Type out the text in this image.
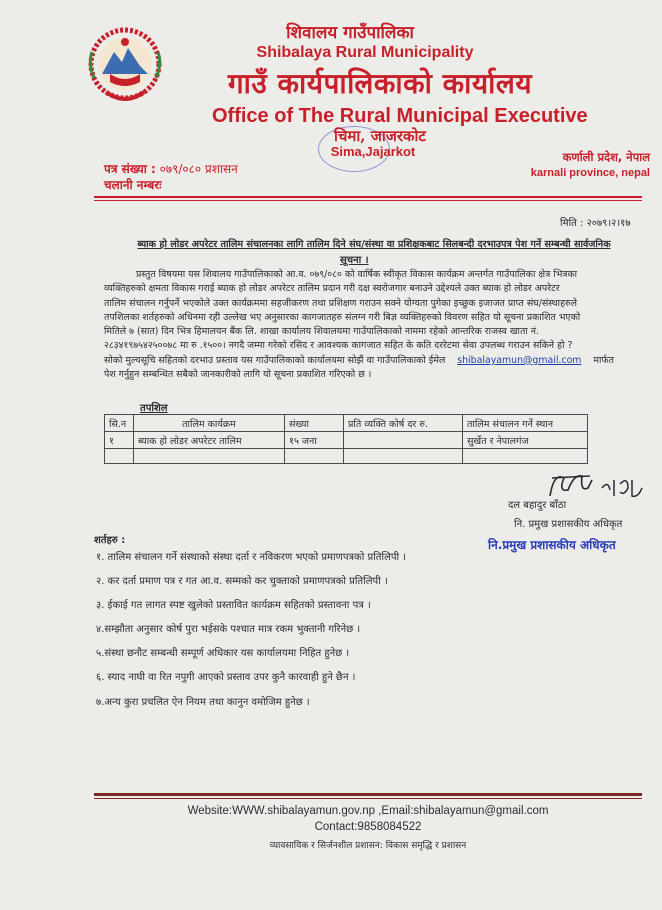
शिवालय गाउँपालिका
Shibalaya Rural Municipality
गाउँ कार्यपालिकाको कार्यालय
Office of The Rural Municipal Executive
चिमा, जाजरकोट
Sima,Jajarkot
पत्र संख्या : ०७९/०८० प्रशासन
चलानी नम्बरः
कर्णाली प्रदेश, नेपाल
karnali province, nepal
मिति : २०७९।२।१७
ब्याक हो लोडर अपरेटर तालिम संचालनका लागि तालिम दिने संघ/संस्था वा प्रशिक्षकबाट सिलबन्दी दरभाउपत्र पेश गर्ने सम्बन्धी सार्वजनिक
सूचना ।
प्रस्तुत विषयमा यस शिवालय गाउँपालिकाको आ.व. ०७९/०८० को वार्षिक स्वीकृत विकास कार्यक्रम अन्तर्गत गाउँपालिका क्षेत्र भित्रका
व्यक्तिहरुको क्षमता विकास गराई ब्याक हो लोडर अपरेटर तालिम प्रदान गरी दक्ष स्वरोजगार बनाउने उद्देश्यले उक्त ब्याक हो लोडर अपरेटर
तालिम संचालन गर्नुपर्ने भएकोले उक्त कार्यक्रममा सहजीकरण तथा प्रशिक्षण गराउन सक्ने योग्यता पुगेका इच्छुक इजाजत प्राप्त संघ/संस्थाहरुले
तपशिलका शर्तहरुको अधिनमा रही उल्लेख भए अनुसारका कागजातहरु संलग्न गरी बिज्ञ व्यक्तिहरुको विवरण सहित यो सूचना प्रकाशित भएको
मितिले ७ (सात) दिन भित्र हिमालयन बैंक लि. शाखा कार्यालय शिवालयमा गाउँपालिकाको नाममा रहेको आन्तरिक राजस्व खाता नं.
२८३४१९७५४२५००७८ मा रु .१५००। नगदै जम्मा गरेको रसिद र आवश्यक कागजात सहित के कति दररेटमा सेवा उपलब्ध गराउन सकिने हो ?
सोको मुल्यसूचि सहितको दरभाउ प्रस्ताव यस गाउँपालिकाको कार्यालयमा सोझैं वा गाउँपालिकाको ईमेल shibalayamun@gmail.com मार्फत
पेश गर्नुहुन सम्बन्धित सबैको जानकारीको लागि यो सूचना प्रकाशित गरिएको छ ।
तपशिल
सि.न	तालिम कार्यक्रम	संख्या	प्रति व्यक्ति कोर्ष दर रु.	तालिम संचालन गर्ने स्थान
१	ब्याक हो लोडर अपरेटर तालिम	१५ जना		सुर्खेत र नेपालगंज

दल बहादुर बाँठा
नि. प्रमुख प्रशासकीय अधिकृत
नि.प्रमुख प्रशासकीय अधिकृत
शर्तहरु :
१. तालिम संचालन गर्ने संस्थाको संस्था दर्ता र नविकरण भएको प्रमाणपत्रको प्रतिलिपी ।
२. कर दर्ता प्रमाण पत्र र गत आ.व. सम्मको कर चुक्ताको प्रमाणपत्रको प्रतिलिपी ।
३. ईकाई गत लागत स्पष्ट खुलेको प्रस्तावित कार्यक्रम सहितको प्रस्तावना पत्र ।
४.सम्झौता अनुसार कोर्ष पुरा भईसके पश्चात मात्र रकम भुक्तानी गरिनेछ ।
५.संस्था छनौट सम्बन्धी सम्पूर्ण अधिकार यस कार्यालयमा निहित हुनेछ ।
६. स्याद नाघी वा रित नपुगी आएको प्रस्ताव उपर कुनै कारवाही हुने छैन ।
७.अन्य कुरा प्रचलित ऐन नियम तथा कानुन वमोजिम हुनेछ ।
Website:WWW.shibalayamun.gov.np ,Email:shibalayamun@gmail.com
Contact:9858084522
व्यावसायिक र सिर्जनशील प्रशासन: विकास समृद्धि र प्रशासन
